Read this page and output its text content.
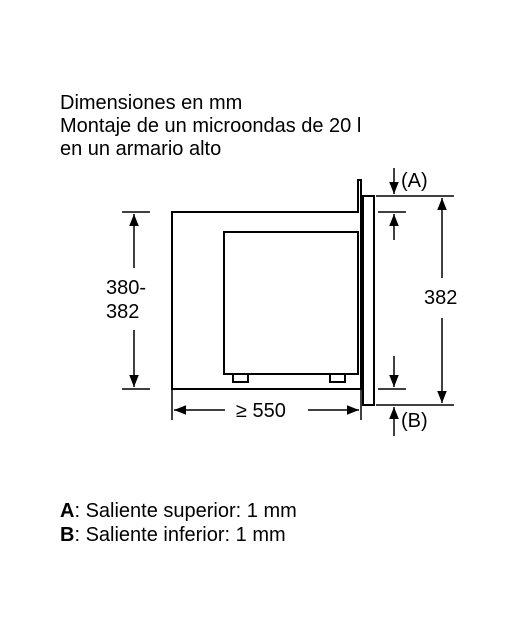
Dimensiones en mm
Montaje de un microondas de 20 l
en un armario alto
380-
382
≥ 550
382
(A)
(B)
A: Saliente superior: 1 mm
B: Saliente inferior: 1 mm
